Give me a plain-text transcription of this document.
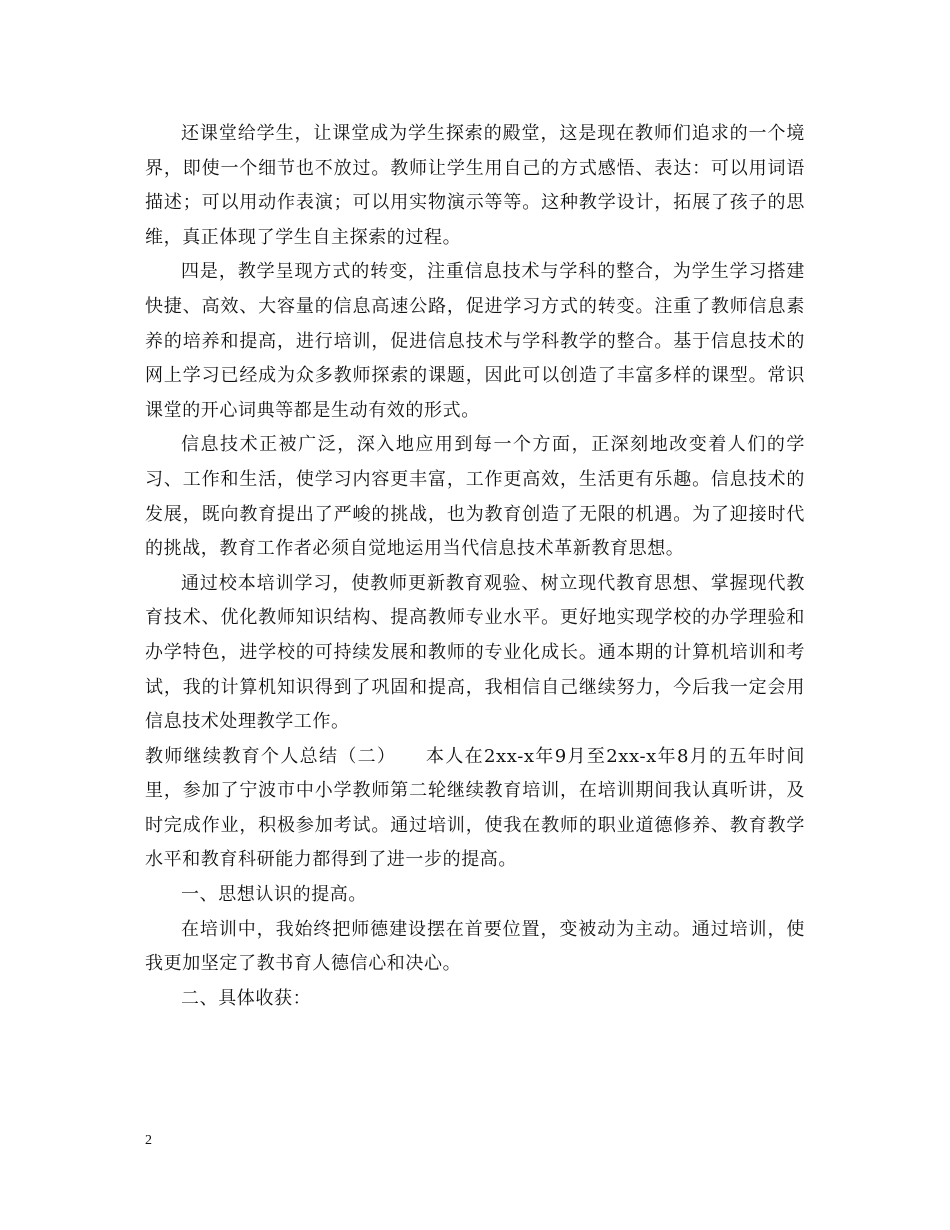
还课堂给学生，让课堂成为学生探索的殿堂，这是现在教师们追求的一个境界，即使一个细节也不放过。教师让学生用自己的方式感悟、表达：可以用词语描述；可以用动作表演；可以用实物演示等等。这种教学设计，拓展了孩子的思维，真正体现了学生自主探索的过程。

四是，教学呈现方式的转变，注重信息技术与学科的整合，为学生学习搭建快捷、高效、大容量的信息高速公路，促进学习方式的转变。注重了教师信息素养的培养和提高，进行培训，促进信息技术与学科教学的整合。基于信息技术的网上学习已经成为众多教师探索的课题，因此可以创造了丰富多样的课型。常识课堂的开心词典等都是生动有效的形式。

信息技术正被广泛，深入地应用到每一个方面，正深刻地改变着人们的学习、工作和生活，使学习内容更丰富，工作更高效，生活更有乐趣。信息技术的发展，既向教育提出了严峻的挑战，也为教育创造了无限的机遇。为了迎接时代的挑战，教育工作者必须自觉地运用当代信息技术革新教育思想。

通过校本培训学习，使教师更新教育观验、树立现代教育思想、掌握现代教育技术、优化教师知识结构、提高教师专业水平。更好地实现学校的办学理验和办学特色，进学校的可持续发展和教师的专业化成长。通本期的计算机培训和考试，我的计算机知识得到了巩固和提高，我相信自己继续努力，今后我一定会用信息技术处理教学工作。

教师继续教育个人总结（二）　　本人在2xx-x年9月至2xx-x年8月的五年时间里，参加了宁波市中小学教师第二轮继续教育培训，在培训期间我认真听讲，及时完成作业，积极参加考试。通过培训，使我在教师的职业道德修养、教育教学水平和教育科研能力都得到了进一步的提高。

一、思想认识的提高。

在培训中，我始终把师德建设摆在首要位置，变被动为主动。通过培训，使我更加坚定了教书育人德信心和决心。

二、具体收获：

2
